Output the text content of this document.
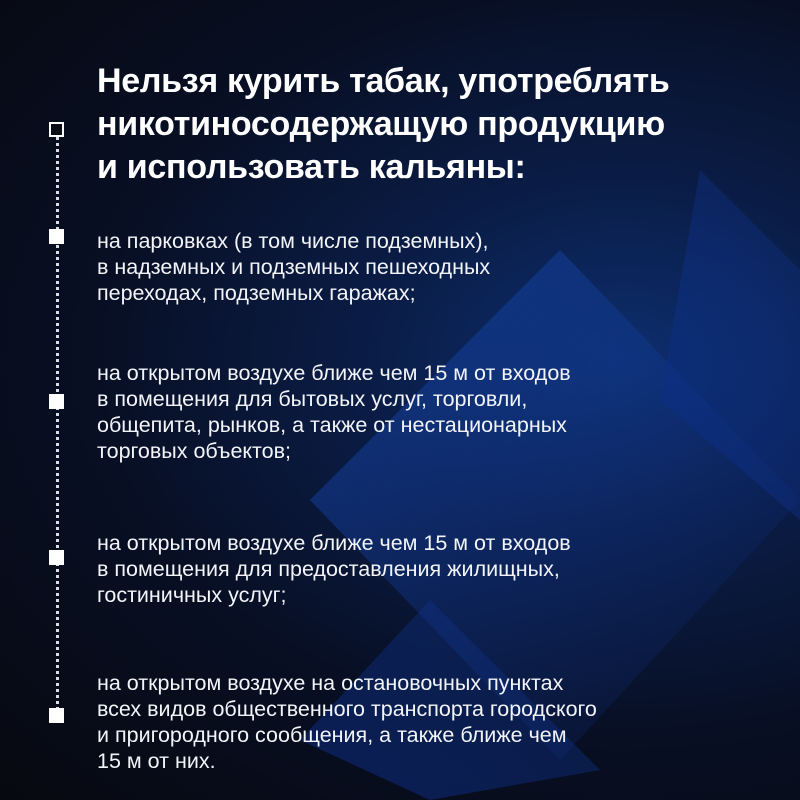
Нельзя курить табак, употреблять
никотиносодержащую продукцию
и использовать кальяны:
на парковках (в том числе подземных),
в надземных и подземных пешеходных
переходах, подземных гаражах;
на открытом воздухе ближе чем 15 м от входов
в помещения для бытовых услуг, торговли,
общепита, рынков, а также от нестационарных
торговых объектов;
на открытом воздухе ближе чем 15 м от входов
в помещения для предоставления жилищных,
гостиничных услуг;
на открытом воздухе на остановочных пунктах
всех видов общественного транспорта городского
и пригородного сообщения, а также ближе чем
15 м от них.
